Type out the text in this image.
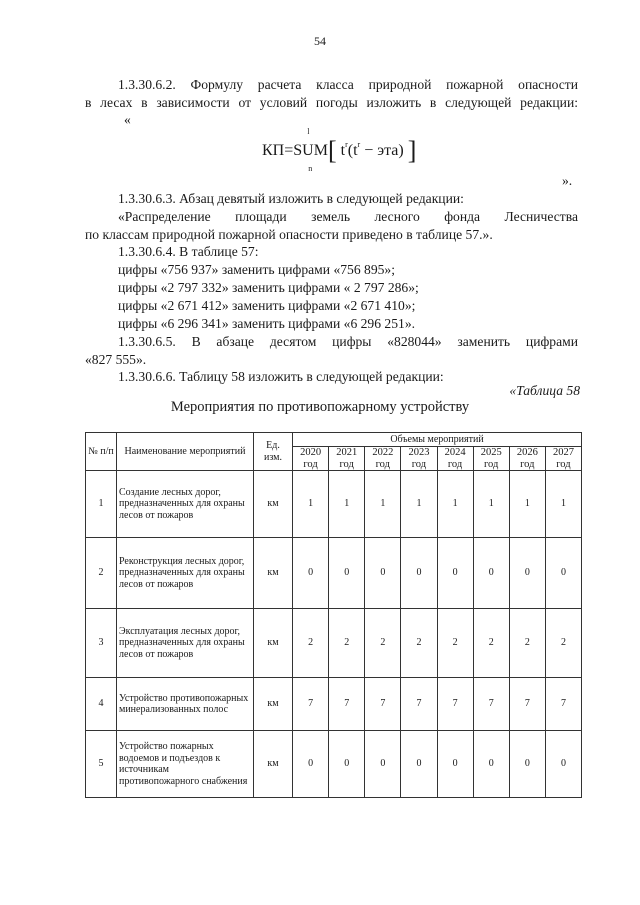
54
1.3.30.6.2. Формулу расчета класса природной пожарной опасности
в лесах в зависимости от условий погоды изложить в следующей редакции:
«
КП=SUM
l
n
[ $t^r(t^r - эта)$ ]
».
1.3.30.6.3. Абзац девятый изложить в следующей редакции:
«Распределение площади земель лесного фонда Лесничества
по классам природной пожарной опасности приведено в таблице 57.».
1.3.30.6.4. В таблице 57:
цифры «756 937» заменить цифрами «756 895»;
цифры «2 797 332» заменить цифрами « 2 797 286»;
цифры «2 671 412» заменить цифрами «2 671 410»;
цифры «6 296 341» заменить цифрами «6 296 251».
1.3.30.6.5. В абзаце десятом цифры «828044» заменить цифрами
«827 555».
1.3.30.6.6. Таблицу 58 изложить в следующей редакции:
«Таблица 58
Мероприятия по противопожарному устройству
№ п/п	Наименование мероприятий	Ед. изм.	Объемы мероприятий							
			2020 год	2021 год	2022 год	2023 год	2024 год	2025 год	2026 год	2027 год
1	Создание лесных дорог, предназначенных для охраны лесов от пожаров	км	1	1	1	1	1	1	1	1
2	Реконструкция лесных дорог, предназначенных для охраны лесов от пожаров	км	0	0	0	0	0	0	0	0
3	Эксплуатация лесных дорог, предназначенных для охраны лесов от пожаров	км	2	2	2	2	2	2	2	2
4	Устройство противопожарных минерализованных полос	км	7	7	7	7	7	7	7	7
5	Устройство пожарных водоемов и подъездов к источникам противопожарного снабжения	км	0	0	0	0	0	0	0	0
